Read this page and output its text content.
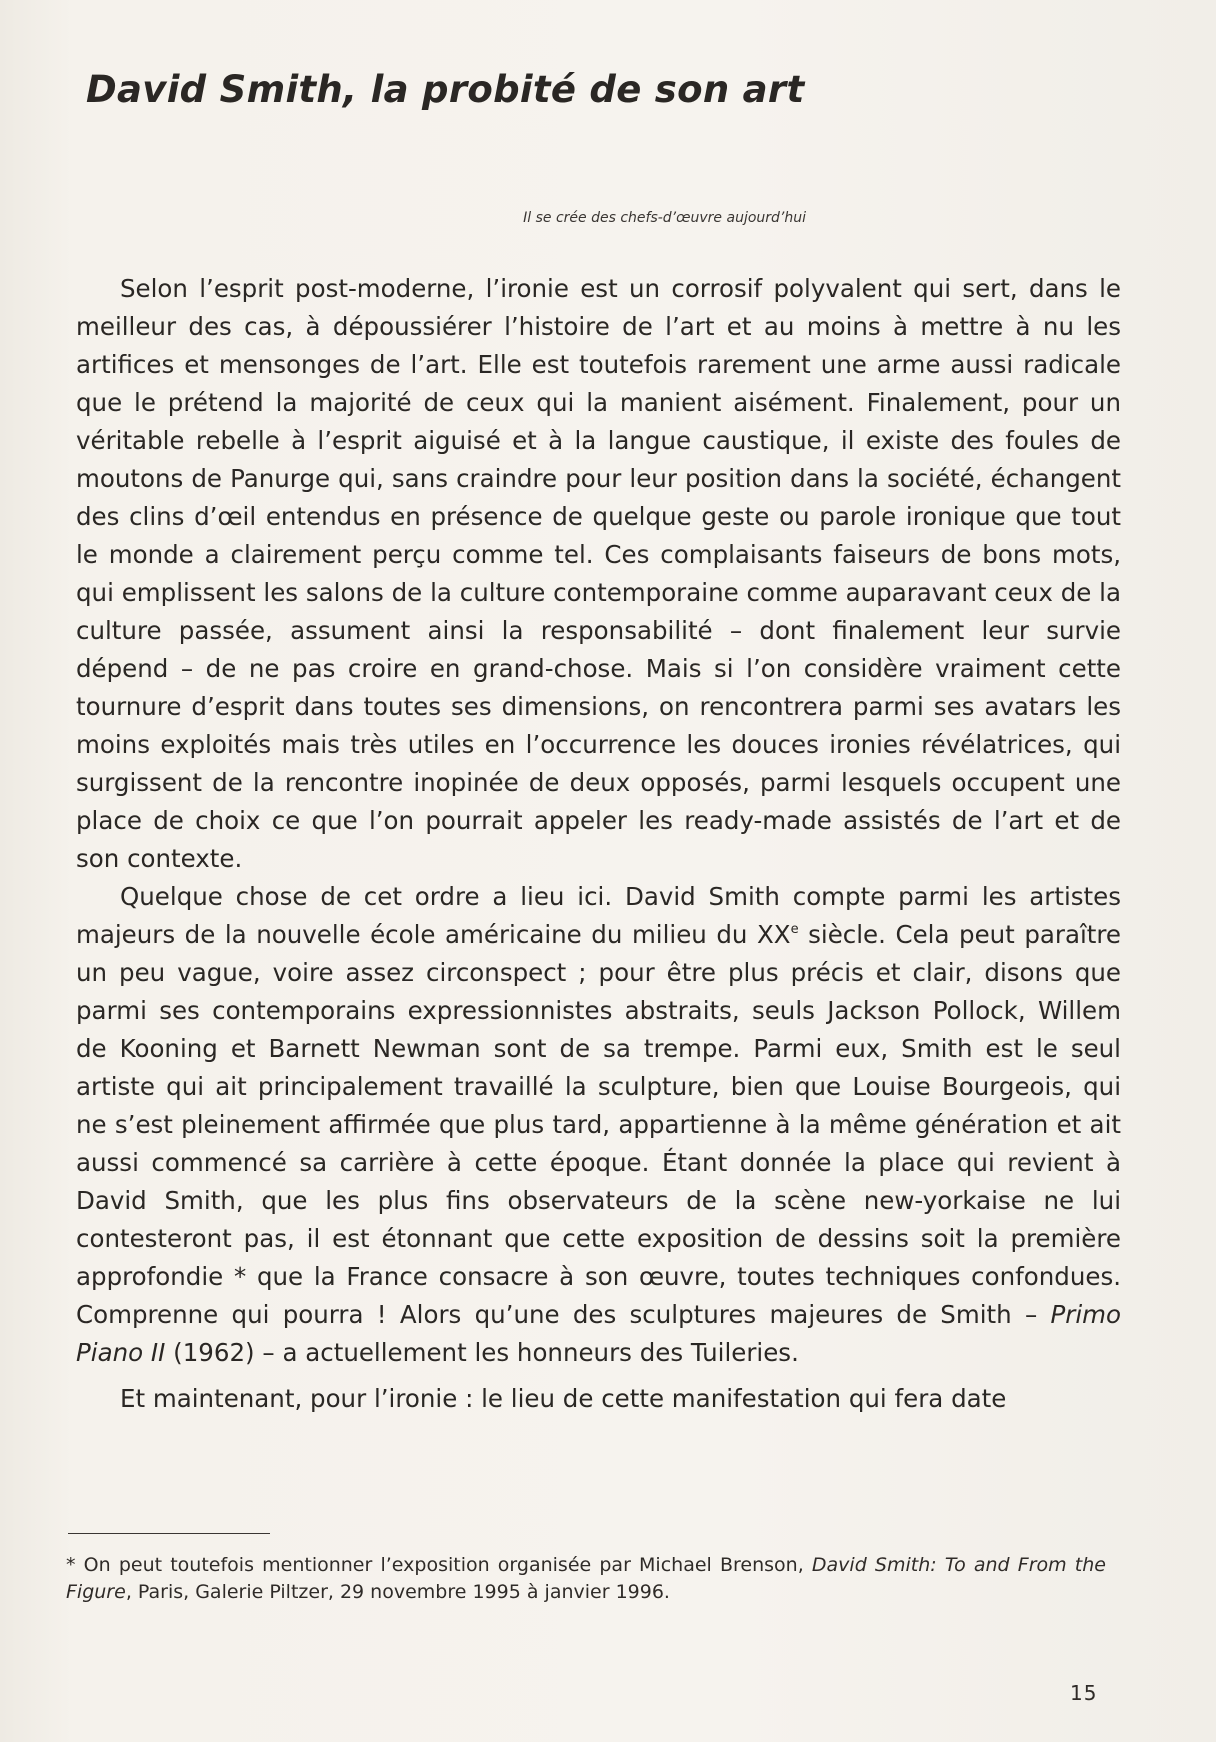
David Smith, la probité de son art

Il se crée des chefs-d’œuvre aujourd’hui

Selon l’esprit post-moderne, l’ironie est un corrosif polyvalent qui sert, dans le meilleur des cas, à dépoussiérer l’histoire de l’art et au moins à mettre à nu les artifices et mensonges de l’art. Elle est toutefois rarement une arme aussi radicale que le prétend la majorité de ceux qui la manient aisément. Finalement, pour un véritable rebelle à l’esprit aiguisé et à la langue caustique, il existe des foules de moutons de Panurge qui, sans craindre pour leur position dans la société, échangent des clins d’œil entendus en présence de quelque geste ou parole ironique que tout le monde a clairement perçu comme tel. Ces complaisants faiseurs de bons mots, qui emplissent les salons de la culture contemporaine comme auparavant ceux de la culture passée, assument ainsi la responsabilité – dont finalement leur survie dépend – de ne pas croire en grand-chose. Mais si l’on considère vraiment cette tournure d’esprit dans toutes ses dimensions, on rencontrera parmi ses avatars les moins exploités mais très utiles en l’occurrence les douces ironies révélatrices, qui surgissent de la rencontre inopinée de deux opposés, parmi lesquels occupent une place de choix ce que l’on pourrait appeler les ready-made assistés de l’art et de son contexte.

Quelque chose de cet ordre a lieu ici. David Smith compte parmi les artistes majeurs de la nouvelle école américaine du milieu du XXe siècle. Cela peut paraître un peu vague, voire assez circonspect ; pour être plus précis et clair, disons que parmi ses contemporains expressionnistes abstraits, seuls Jackson Pollock, Willem de Kooning et Barnett Newman sont de sa trempe. Parmi eux, Smith est le seul artiste qui ait principalement travaillé la sculpture, bien que Louise Bourgeois, qui ne s’est pleinement affirmée que plus tard, appartienne à la même génération et ait aussi commencé sa carrière à cette époque. Étant donnée la place qui revient à David Smith, que les plus fins observateurs de la scène new-yorkaise ne lui contesteront pas, il est étonnant que cette exposition de dessins soit la première approfondie * que la France consacre à son œuvre, toutes techniques confondues. Comprenne qui pourra ! Alors qu’une des sculptures majeures de Smith – Primo Piano II (1962) – a actuellement les honneurs des Tuileries.

Et maintenant, pour l’ironie : le lieu de cette manifestation qui fera date

* On peut toutefois mentionner l’exposition organisée par Michael Brenson, David Smith: To and From the Figure, Paris, Galerie Piltzer, 29 novembre 1995 à janvier 1996.

15
